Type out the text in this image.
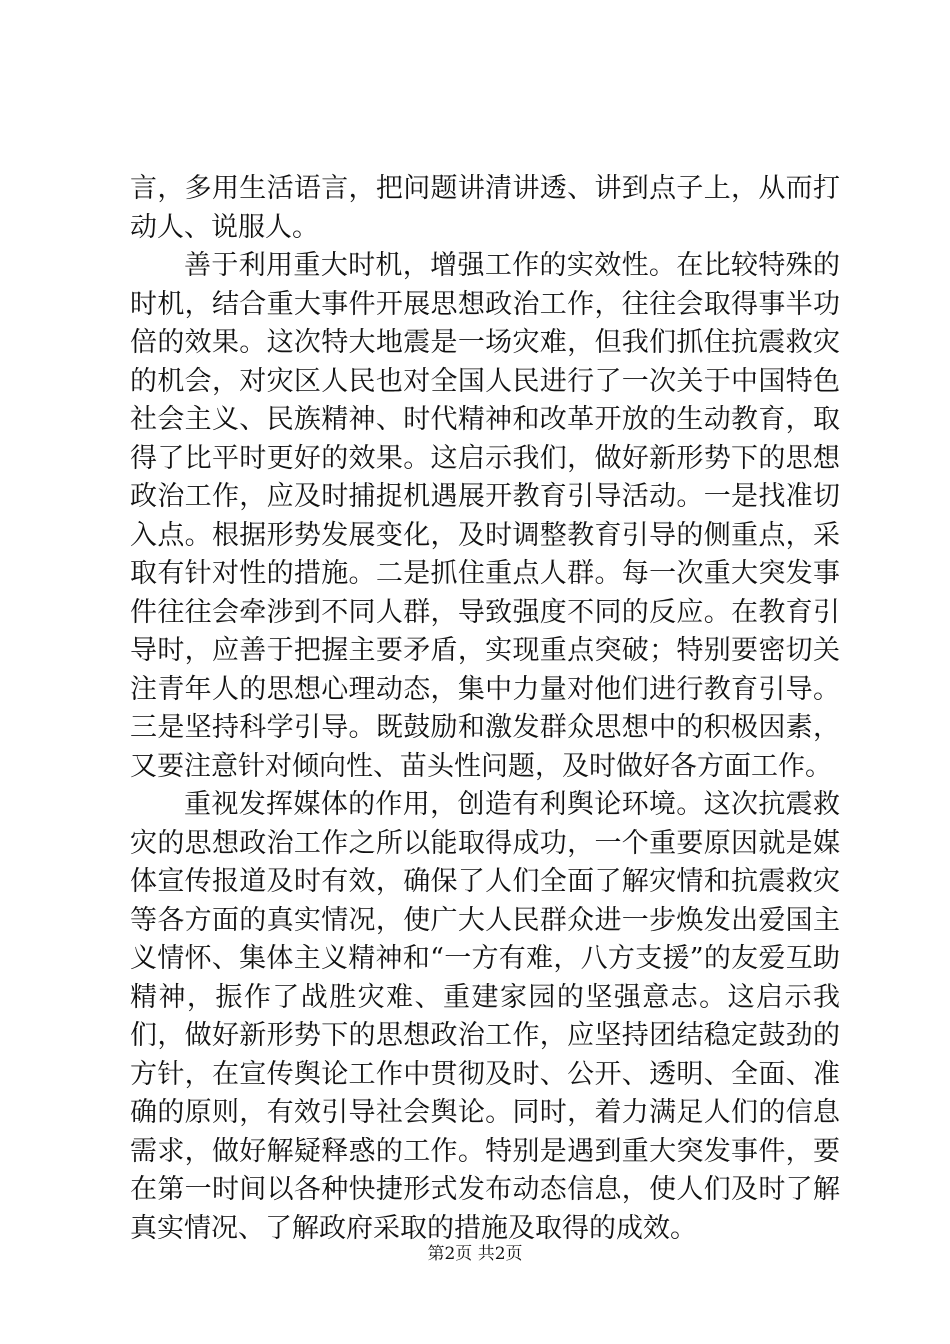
言，多用生活语言，把问题讲清讲透、讲到点子上，从而打动人、说服人。

善于利用重大时机，增强工作的实效性。在比较特殊的时机，结合重大事件开展思想政治工作，往往会取得事半功倍的效果。这次特大地震是一场灾难，但我们抓住抗震救灾的机会，对灾区人民也对全国人民进行了一次关于中国特色社会主义、民族精神、时代精神和改革开放的生动教育，取得了比平时更好的效果。这启示我们，做好新形势下的思想政治工作，应及时捕捉机遇展开教育引导活动。一是找准切入点。根据形势发展变化，及时调整教育引导的侧重点，采取有针对性的措施。二是抓住重点人群。每一次重大突发事件往往会牵涉到不同人群，导致强度不同的反应。在教育引导时，应善于把握主要矛盾，实现重点突破；特别要密切关注青年人的思想心理动态，集中力量对他们进行教育引导。三是坚持科学引导。既鼓励和激发群众思想中的积极因素，又要注意针对倾向性、苗头性问题，及时做好各方面工作。

重视发挥媒体的作用，创造有利舆论环境。这次抗震救灾的思想政治工作之所以能取得成功，一个重要原因就是媒体宣传报道及时有效，确保了人们全面了解灾情和抗震救灾等各方面的真实情况，使广大人民群众进一步焕发出爱国主义情怀、集体主义精神和“一方有难，八方支援”的友爱互助精神，振作了战胜灾难、重建家园的坚强意志。这启示我们，做好新形势下的思想政治工作，应坚持团结稳定鼓劲的方针，在宣传舆论工作中贯彻及时、公开、透明、全面、准确的原则，有效引导社会舆论。同时，着力满足人们的信息需求，做好解疑释惑的工作。特别是遇到重大突发事件，要在第一时间以各种快捷形式发布动态信息，使人们及时了解真实情况、了解政府采取的措施及取得的成效。

第2页 共2页
